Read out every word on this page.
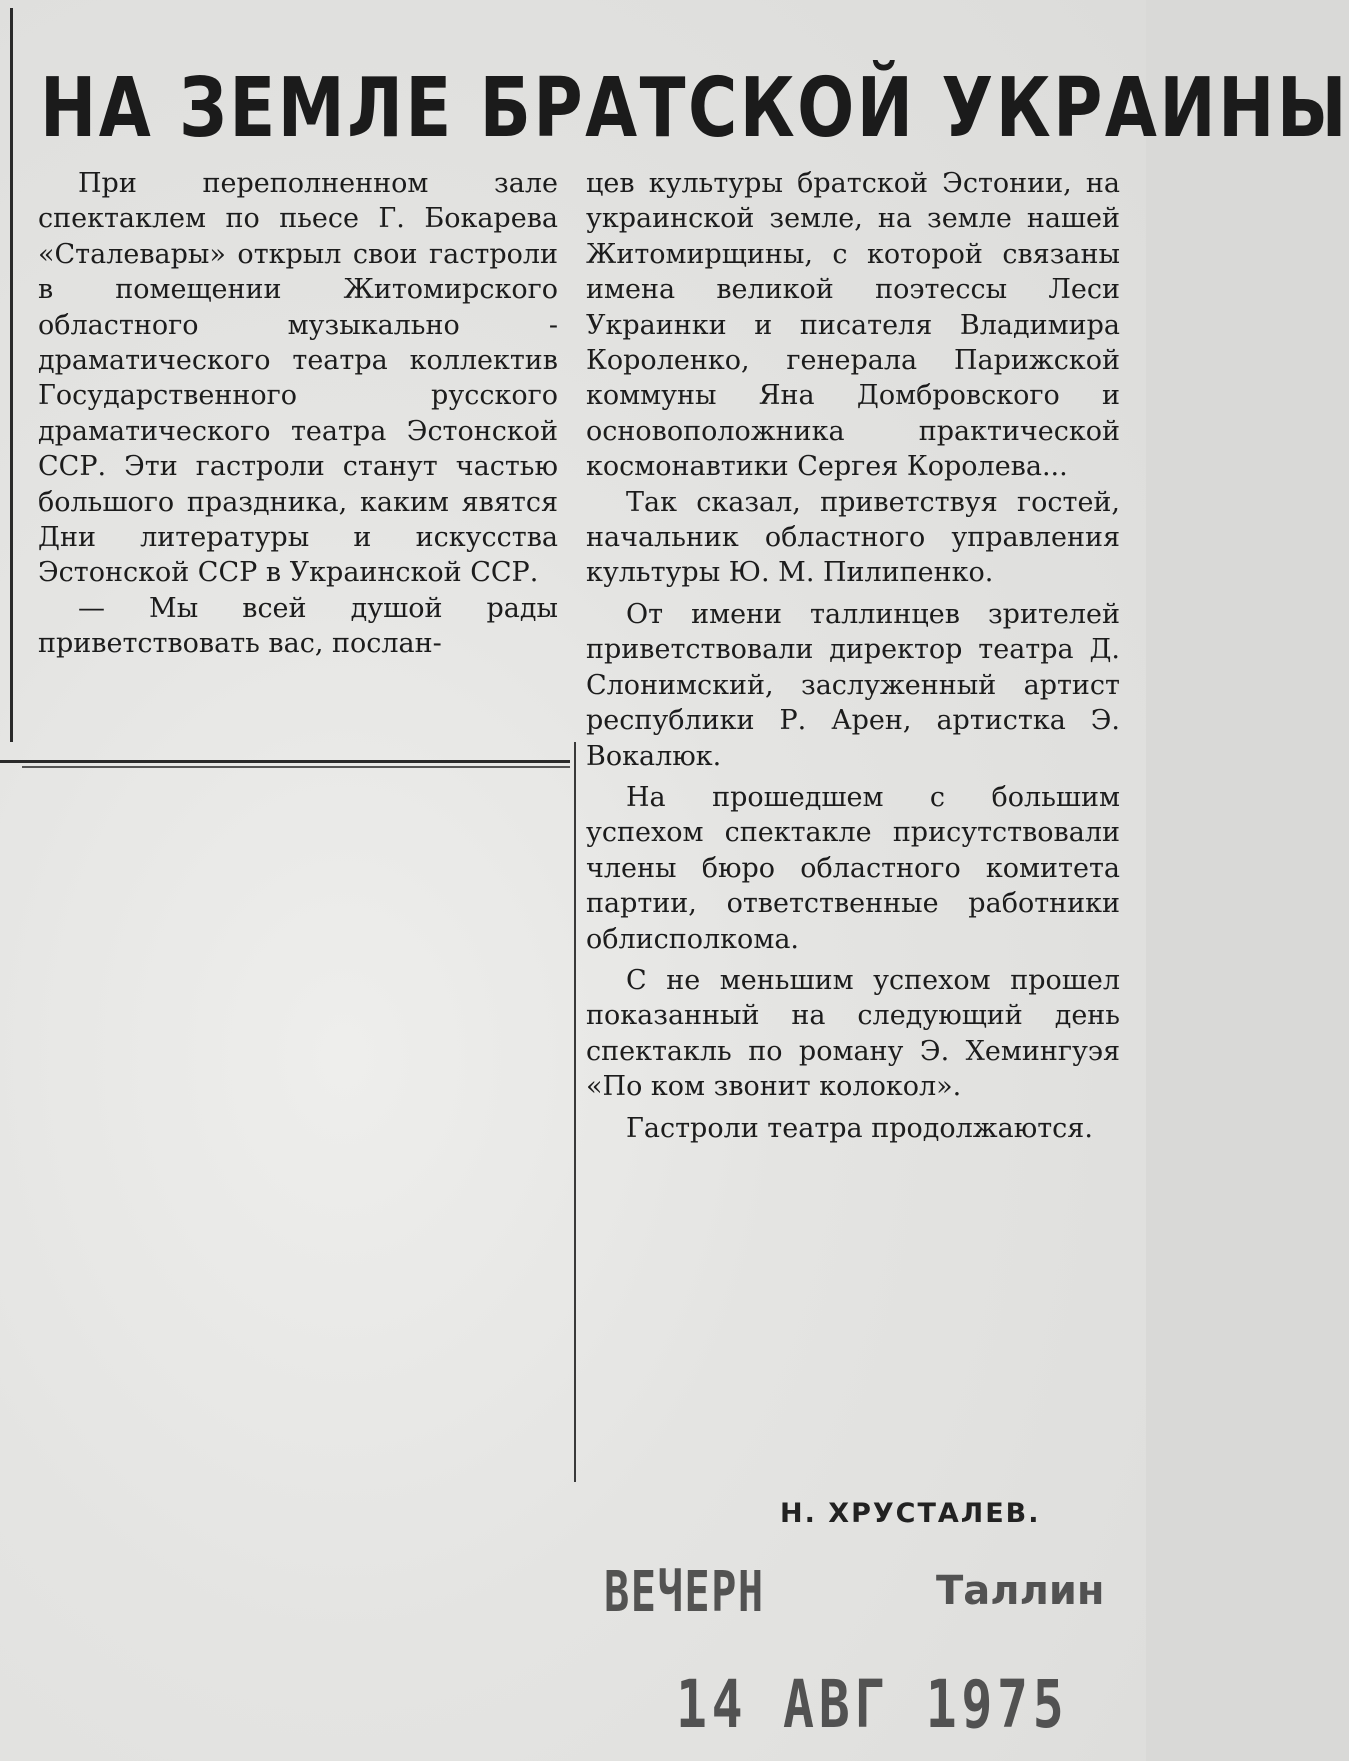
НА ЗЕМЛЕ БРАТСКОЙ УКРАИНЫ

При переполненном зале спектаклем по пьесе Г. Бокарева «Сталевары» открыл свои гастроли в помещении Житомирского областного музыкально - драматического театра коллектив Государственного русского драматического театра Эстонской ССР. Эти гастроли станут частью большого праздника, каким явятся Дни литературы и искусства Эстонской ССР в Украинской ССР.

— Мы всей душой рады приветствовать вас, послан-

цев культуры братской Эстонии, на украинской земле, на земле нашей Житомирщины, с которой связаны имена великой поэтессы Леси Украинки и писателя Владимира Короленко, генерала Парижской коммуны Яна Домбровского и основоположника практической космонавтики Сергея Королева...

Так сказал, приветствуя гостей, начальник областного управления культуры Ю. М. Пилипенко.

От имени таллинцев зрителей приветствовали директор театра Д. Слонимский, заслуженный артист республики Р. Арен, артистка Э. Вокалюк.

На прошедшем с большим успехом спектакле присутствовали члены бюро областного комитета партии, ответственные работники облисполкома.

С не меньшим успехом прошел показанный на следующий день спектакль по роману Э. Хемингуэя «По ком звонит колокол».

Гастроли театра продолжаются.

Н. ХРУСТАЛЕВ.
ВЕЧЕРН	Таллин
14 АВГ 1975
